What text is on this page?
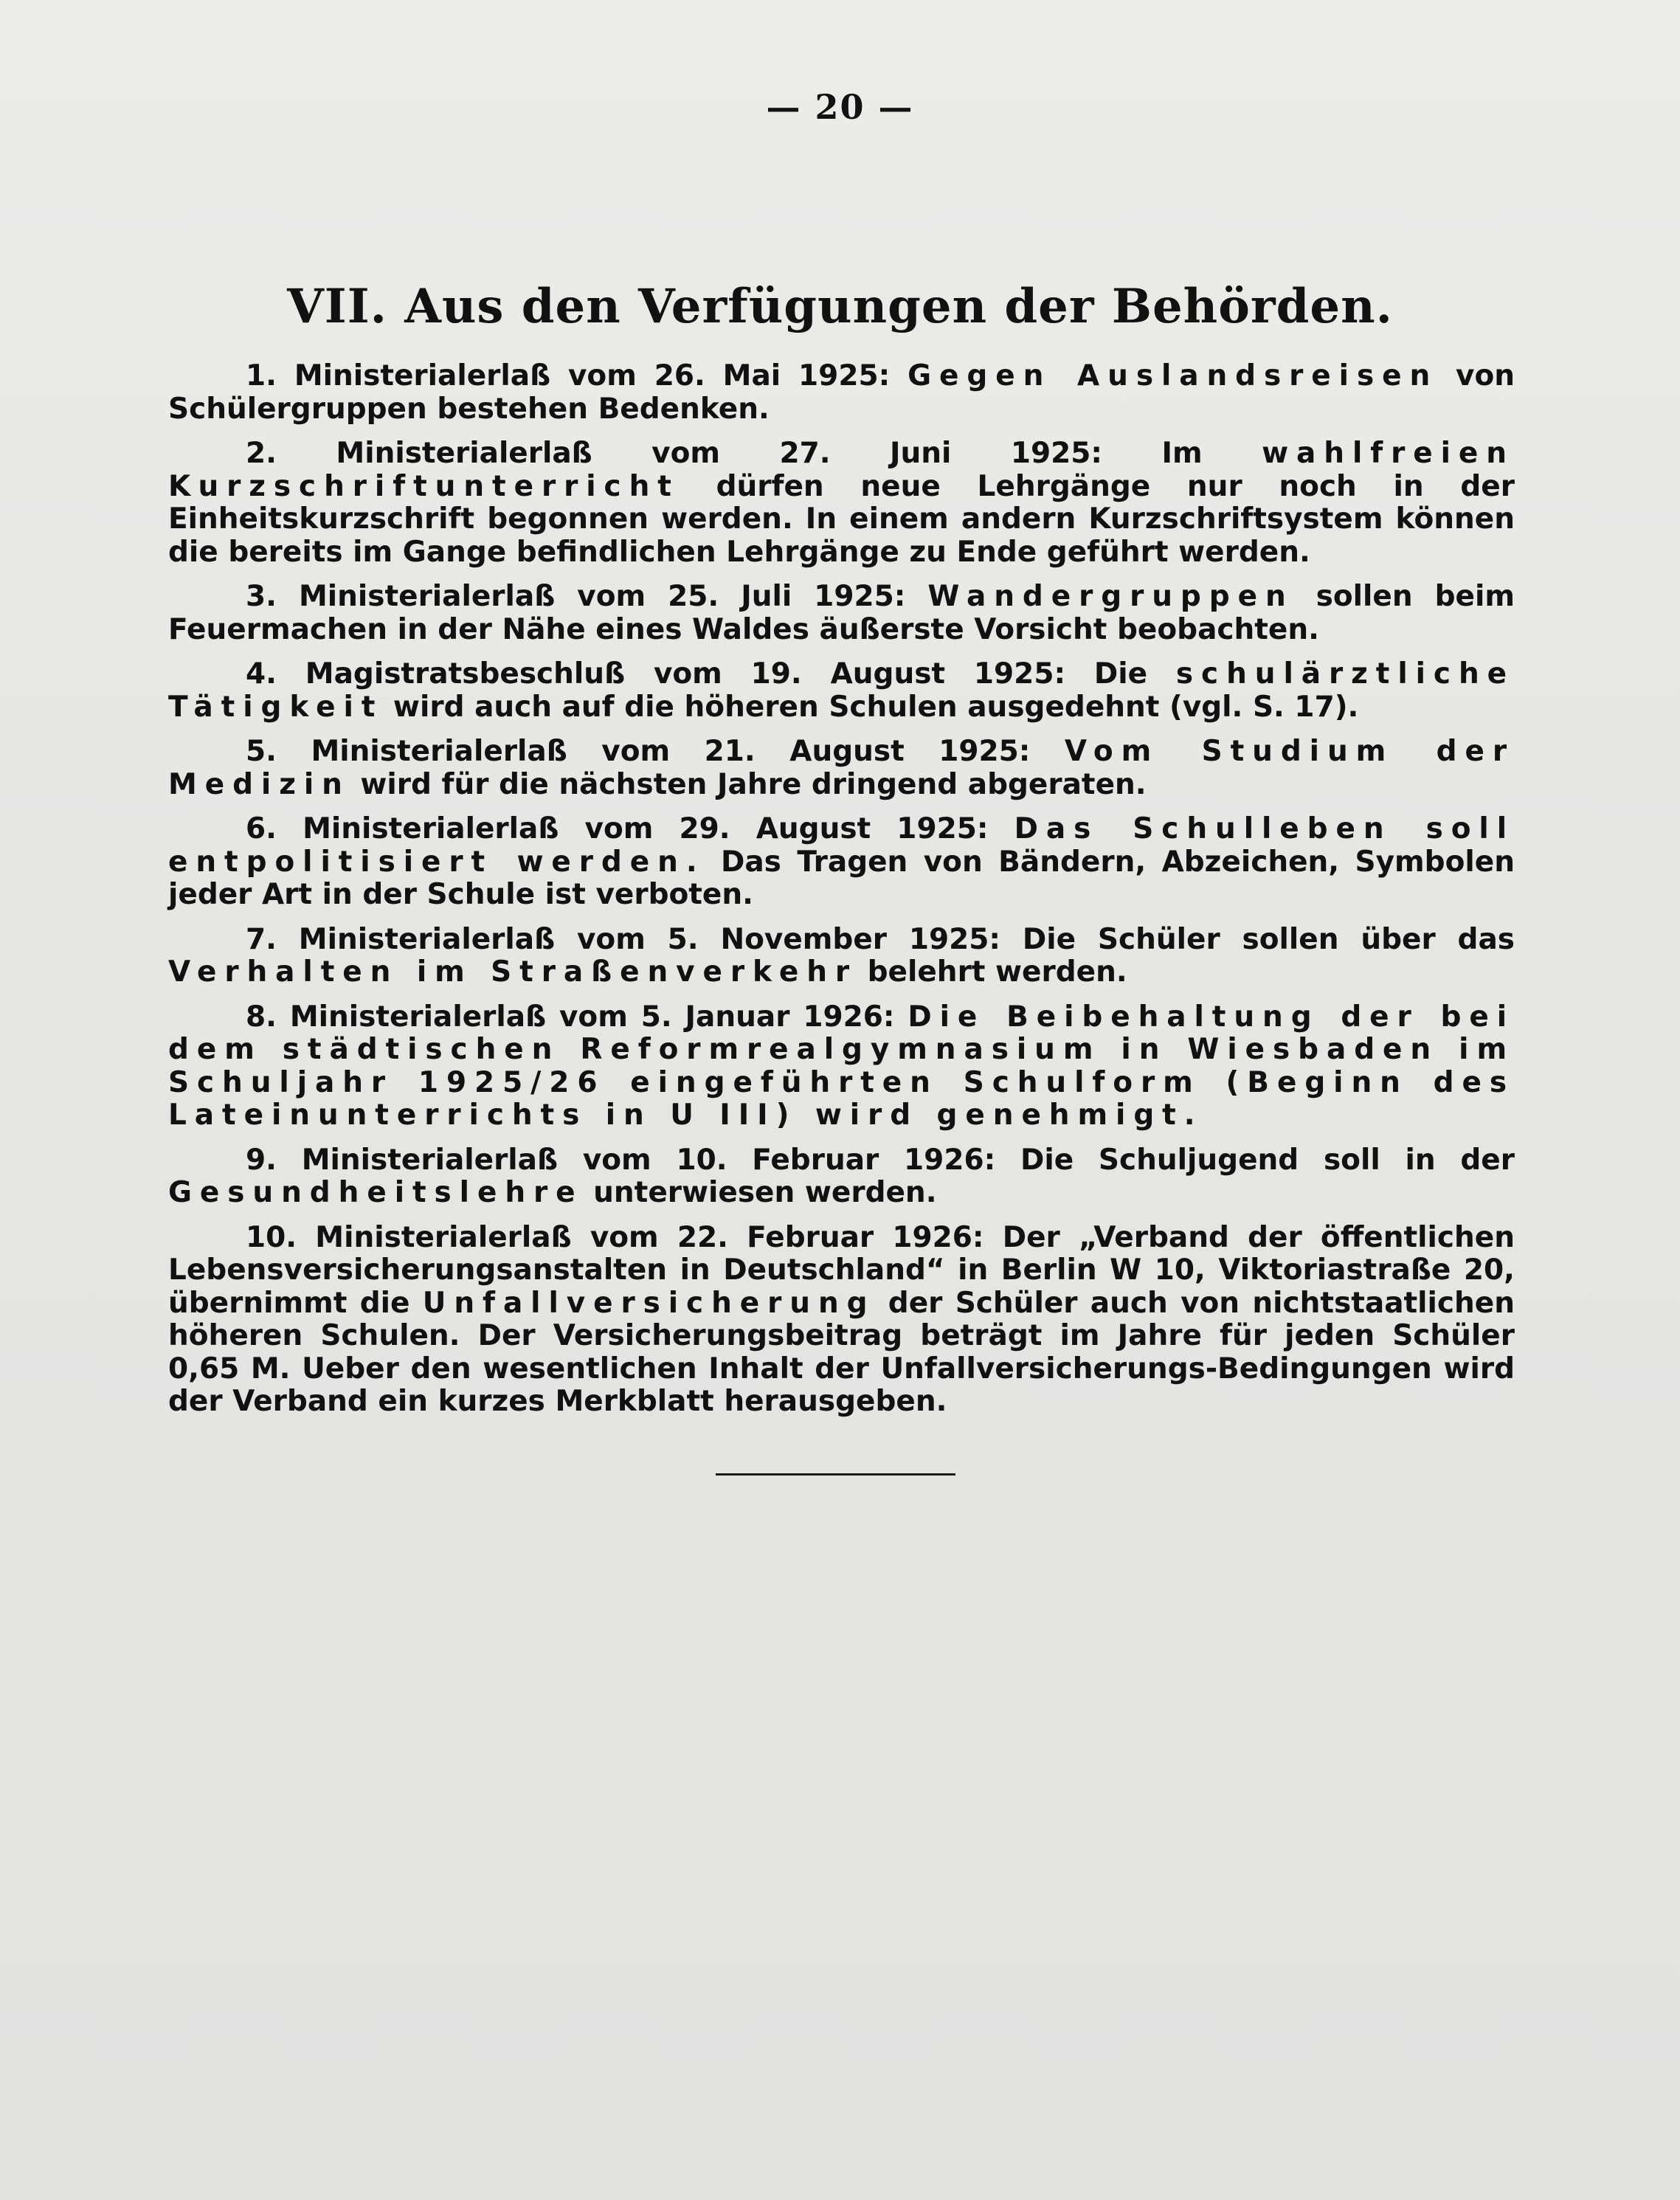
— 20 —
VII. Aus den Verfügungen der Behörden.

1. Ministerialerlaß vom 26. Mai 1925: Gegen Auslandsreisen von Schülergruppen bestehen Bedenken.

2. Ministerialerlaß vom 27. Juni 1925: Im wahlfreien Kurzschriftunterricht dürfen neue Lehrgänge nur noch in der Einheitskurzschrift begonnen werden. In einem andern Kurzschriftsystem können die bereits im Gange befindlichen Lehrgänge zu Ende geführt werden.

3. Ministerialerlaß vom 25. Juli 1925: Wandergruppen sollen beim Feuermachen in der Nähe eines Waldes äußerste Vorsicht beobachten.

4. Magistratsbeschluß vom 19. August 1925: Die schulärztliche Tätigkeit wird auch auf die höheren Schulen ausgedehnt (vgl. S. 17).

5. Ministerialerlaß vom 21. August 1925: Vom Studium der Medizin wird für die nächsten Jahre dringend abgeraten.

6. Ministerialerlaß vom 29. August 1925: Das Schulleben soll entpolitisiert werden. Das Tragen von Bändern, Abzeichen, Symbolen jeder Art in der Schule ist verboten.

7. Ministerialerlaß vom 5. November 1925: Die Schüler sollen über das Verhalten im Straßenverkehr belehrt werden.

8. Ministerialerlaß vom 5. Januar 1926: Die Beibehaltung der bei dem städtischen Reformrealgymnasium in Wiesbaden im Schuljahr 1925/26 eingeführten Schulform (Beginn des Lateinunterrichts in U III) wird genehmigt.

9. Ministerialerlaß vom 10. Februar 1926: Die Schuljugend soll in der Gesundheitslehre unterwiesen werden.

10. Ministerialerlaß vom 22. Februar 1926: Der „Verband der öffentlichen Lebensversicherungsanstalten in Deutschland“ in Berlin W 10, Viktoriastraße 20, übernimmt die Unfallversicherung der Schüler auch von nichtstaatlichen höheren Schulen. Der Versicherungsbeitrag beträgt im Jahre für jeden Schüler 0,65 M. Ueber den wesentlichen Inhalt der Unfallversicherungs-Bedingungen wird der Verband ein kurzes Merkblatt herausgeben.
